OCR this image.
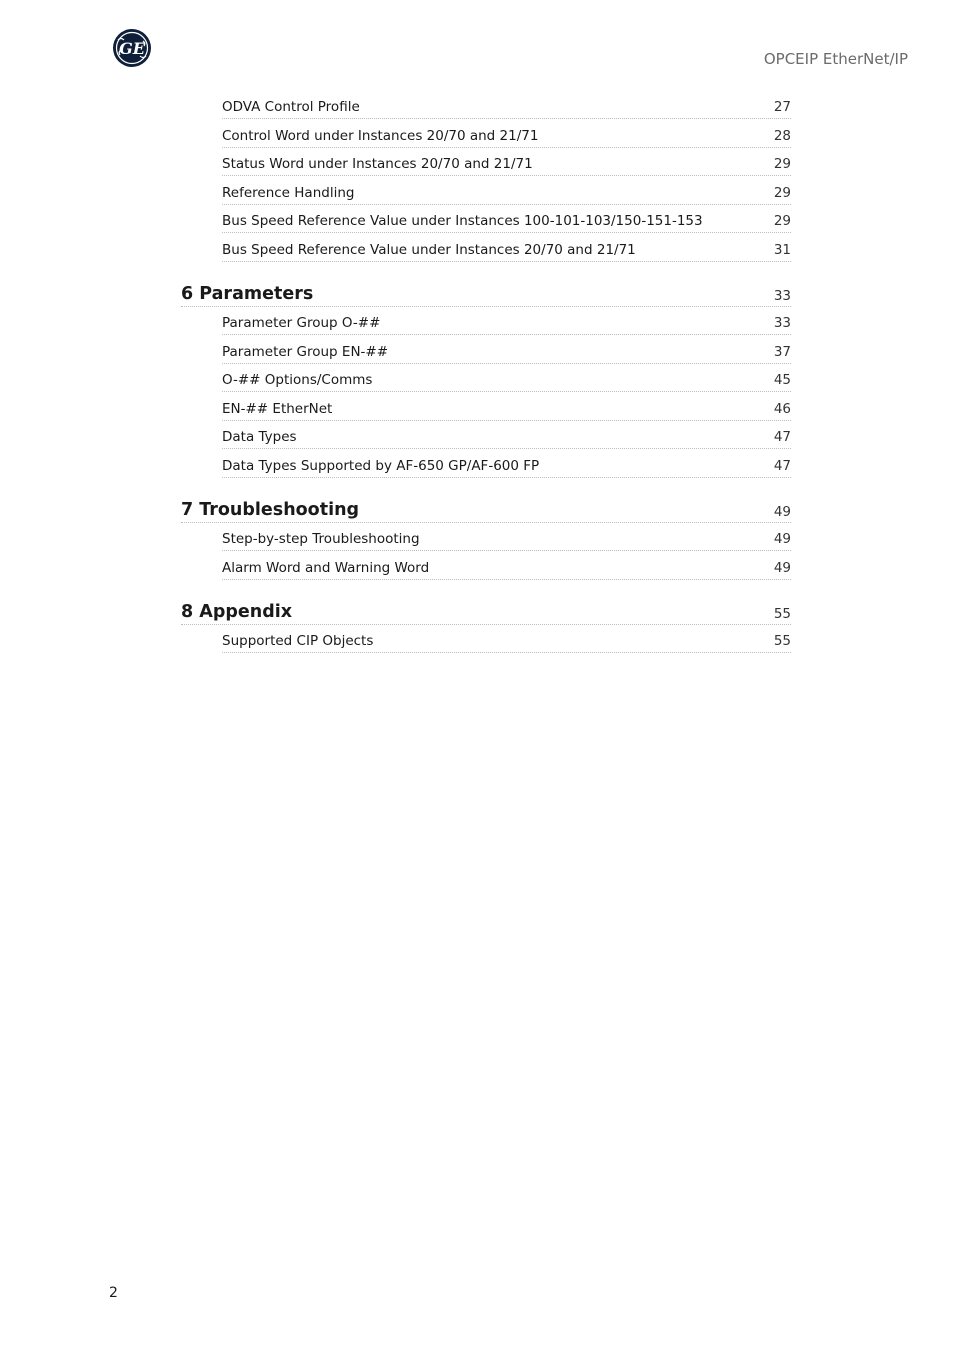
GE
OPCEIP EtherNet/IP
ODVA Control Profile	27
Control Word under Instances 20/70 and 21/71	28
Status Word under Instances 20/70 and 21/71	29
Reference Handling	29
Bus Speed Reference Value under Instances 100-101-103/150-151-153	29
Bus Speed Reference Value under Instances 20/70 and 21/71	31
6 Parameters	33
Parameter Group O-##	33
Parameter Group EN-##	37
O-## Options/Comms	45
EN-## EtherNet	46
Data Types	47
Data Types Supported by AF-650 GP/AF-600 FP	47
7 Troubleshooting	49
Step-by-step Troubleshooting	49
Alarm Word and Warning Word	49
8 Appendix	55
Supported CIP Objects	55
2
